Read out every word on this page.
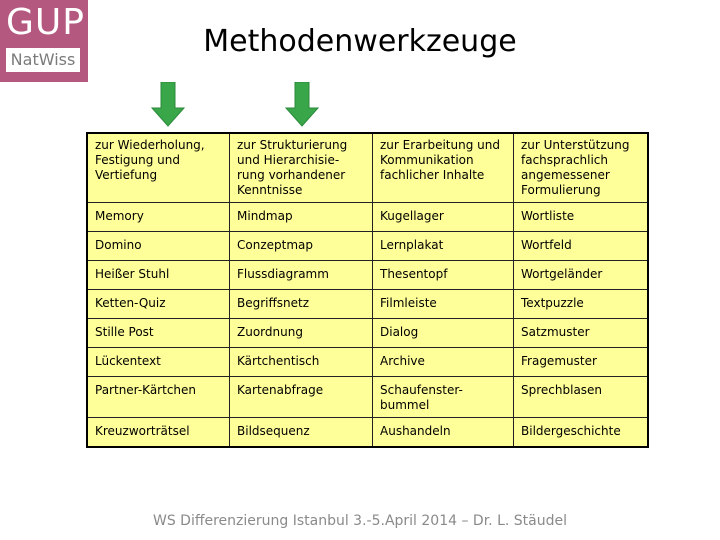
GUP
NatWiss
Methodenwerkzeuge
zur Wiederholung, Festigung und Vertiefung	zur Strukturierung und Hierarchisie-rung vorhandener Kenntnisse	zur Erarbeitung und Kommunikation fachlicher Inhalte	zur Unterstützung fachsprachlich angemessener Formulierung
Memory	Mindmap	Kugellager	Wortliste
Domino	Conzeptmap	Lernplakat	Wortfeld
Heißer Stuhl	Flussdiagramm	Thesentopf	Wortgeländer
Ketten-Quiz	Begriffsnetz	Filmleiste	Textpuzzle
Stille Post	Zuordnung	Dialog	Satzmuster
Lückentext	Kärtchentisch	Archive	Fragemuster
Partner-Kärtchen	Kartenabfrage	Schaufenster-bummel	Sprechblasen
Kreuzworträtsel	Bildsequenz	Aushandeln	Bildergeschichte
WS Differenzierung Istanbul 3.-5.April 2014 – Dr. L. Stäudel
